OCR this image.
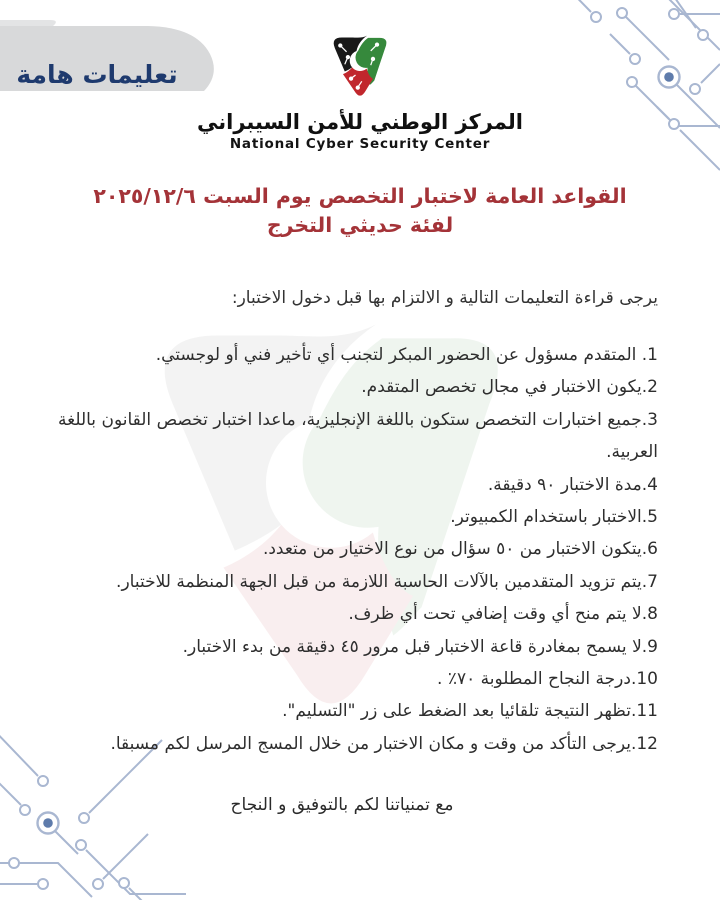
تعليمات هامة
المركز الوطني للأمن السيبراني
National Cyber Security Center
القواعد العامة لاختبار التخصص يوم السبت ٢٠٢٥/١٢/٦
لفئة حديثي التخرج
يرجى قراءة التعليمات التالية و الالتزام بها قبل دخول الاختبار:
1. المتقدم مسؤول عن الحضور المبكر لتجنب أي تأخير فني أو لوجستي.
2.يكون الاختبار في مجال تخصص المتقدم.
3.جميع اختبارات التخصص ستكون باللغة الإنجليزية، ماعدا اختبار تخصص القانون باللغة العربية.
4.مدة الاختبار ٩٠ دقيقة.
5.الاختبار باستخدام الكمبيوتر.
6.يتكون الاختبار من ٥٠ سؤال من نوع الاختيار من متعدد.
7.يتم تزويد المتقدمين بالآلات الحاسبة اللازمة من قبل الجهة المنظمة للاختبار.
8.لا يتم منح أي وقت إضافي تحت أي ظرف.
9.لا يسمح بمغادرة قاعة الاختبار قبل مرور ٤٥ دقيقة من بدء الاختبار.
10.درجة النجاح المطلوبة ٧٠٪ .
11.تظهر النتيجة تلقائيا بعد الضغط على زر "التسليم".
12.يرجى التأكد من وقت و مكان الاختبار من خلال المسج المرسل لكم مسبقا.
مع تمنياتنا لكم بالتوفيق و النجاح
